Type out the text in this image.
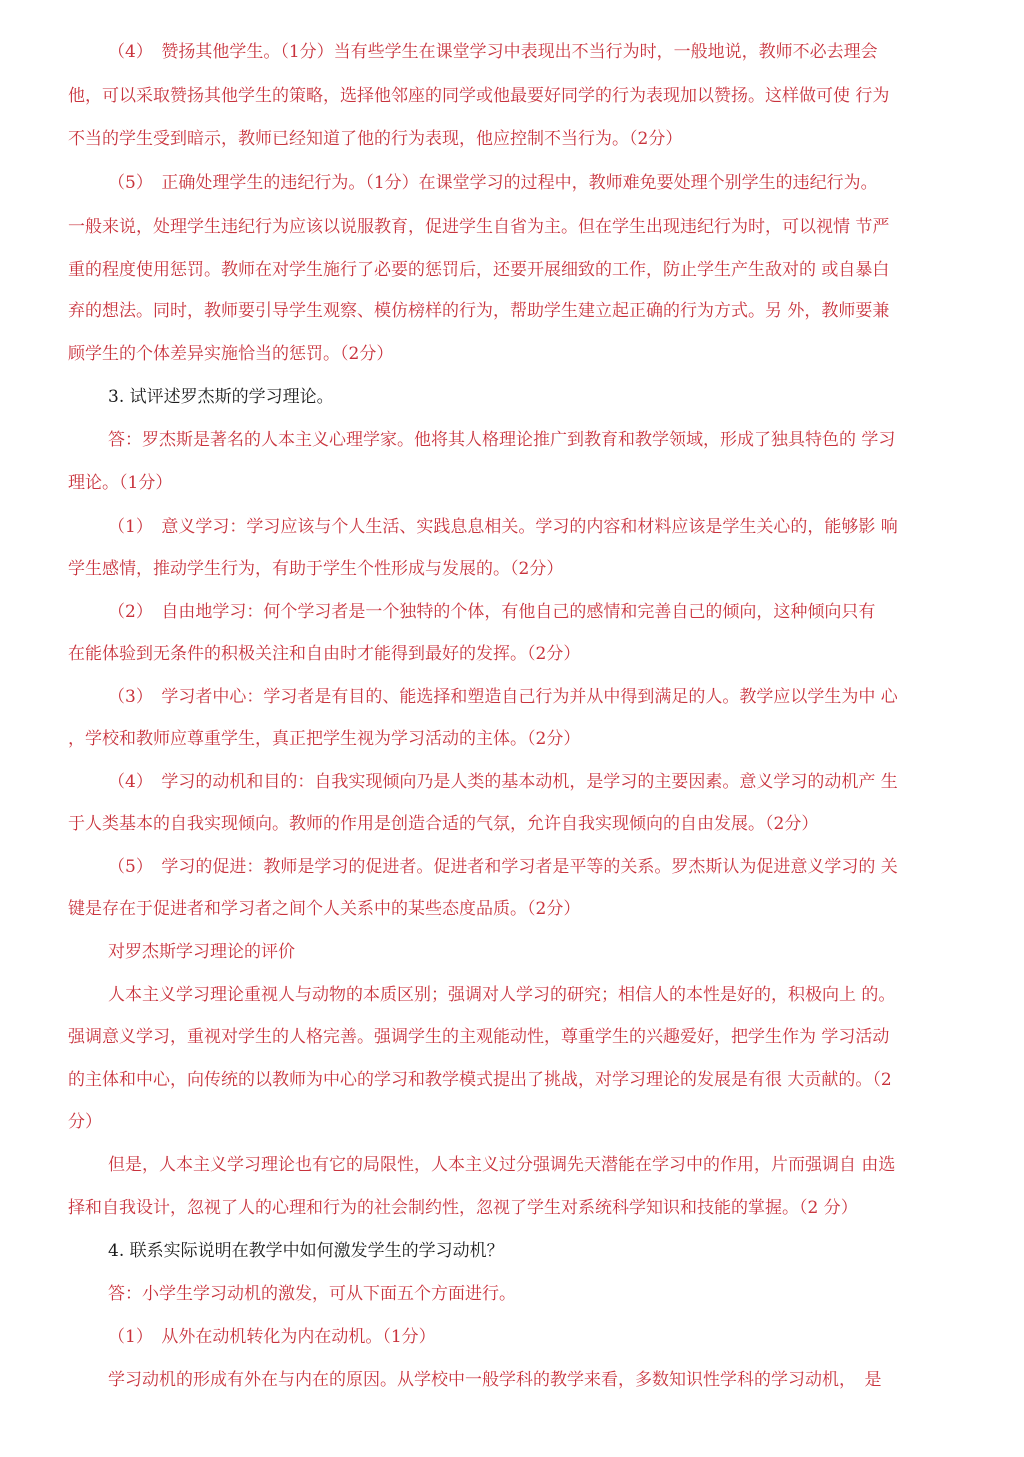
（4）　赞扬其他学生。（1分）当有些学生在课堂学习中表现出不当行为时，一般地说，教师不必去理会
他，可以采取赞扬其他学生的策略，选择他邻座的同学或他最要好同学的行为表现加以赞扬。这样做可使 行为
不当的学生受到暗示，教师已经知道了他的行为表现，他应控制不当行为。（2分）
（5）　正确处理学生的违纪行为。（1分）在课堂学习的过程中，教师难免要处理个别学生的违纪行为。
一般来说，处理学生违纪行为应该以说服教育，促进学生自省为主。但在学生出现违纪行为时，可以视情 节严
重的程度使用惩罚。教师在对学生施行了必要的惩罚后，还要开展细致的工作，防止学生产生敌对的 或自暴白
弃的想法。同时，教师要引导学生观察、模仿榜样的行为，帮助学生建立起正确的行为方式。另 外，教师要兼
顾学生的个体差异实施恰当的惩罚。（2分）
3. 试评述罗杰斯的学习理论。
答：罗杰斯是著名的人本主义心理学家。他将其人格理论推广到教育和教学领域，形成了独具特色的 学习
理论。（1分）
（1）　意义学习：学习应该与个人生活、实践息息相关。学习的内容和材料应该是学生关心的，能够影 响
学生感情，推动学生行为，有助于学生个性形成与发展的。（2分）
（2）　自由地学习：何个学习者是一个独特的个体，有他自己的感情和完善自己的倾向，这种倾向只有
在能体验到无条件的积极关注和自由时才能得到最好的发挥。（2分）
（3）　学习者中心：学习者是有目的、能选择和塑造自己行为并从中得到满足的人。教学应以学生为中 心
，学校和教师应尊重学生，真正把学生视为学习活动的主体。（2分）
（4）　学习的动机和目的：自我实现倾向乃是人类的基本动机，是学习的主要因素。意义学习的动机产 生
于人类基本的自我实现倾向。教师的作用是创造合适的气氛，允许自我实现倾向的自由发展。（2分）
（5）　学习的促进：教师是学习的促进者。促进者和学习者是平等的关系。罗杰斯认为促进意义学习的 关
键是存在于促进者和学习者之间个人关系中的某些态度品质。（2分）
对罗杰斯学习理论的评价
人本主义学习理论重视人与动物的本质区别；强调对人学习的研究；相信人的本性是好的，积极向上 的。
强调意义学习，重视对学生的人格完善。强调学生的主观能动性，尊重学生的兴趣爱好，把学生作为 学习活动
的主体和中心，向传统的以教师为中心的学习和教学模式提出了挑战，对学习理论的发展是有很 大贡献的。（2
分）
但是，人本主义学习理论也有它的局限性，人本主义过分强调先天潜能在学习中的作用，片而强调自 由选
择和自我设计，忽视了人的心理和行为的社会制约性，忽视了学生对系统科学知识和技能的掌握。（2 分）
4. 联系实际说明在教学中如何激发学生的学习动机？
答：小学生学习动机的激发，可从下面五个方面进行。
（1）　从外在动机转化为内在动机。（1分）
学习动机的形成有外在与内在的原因。从学校中一般学科的教学来看，多数知识性学科的学习动机，　是
